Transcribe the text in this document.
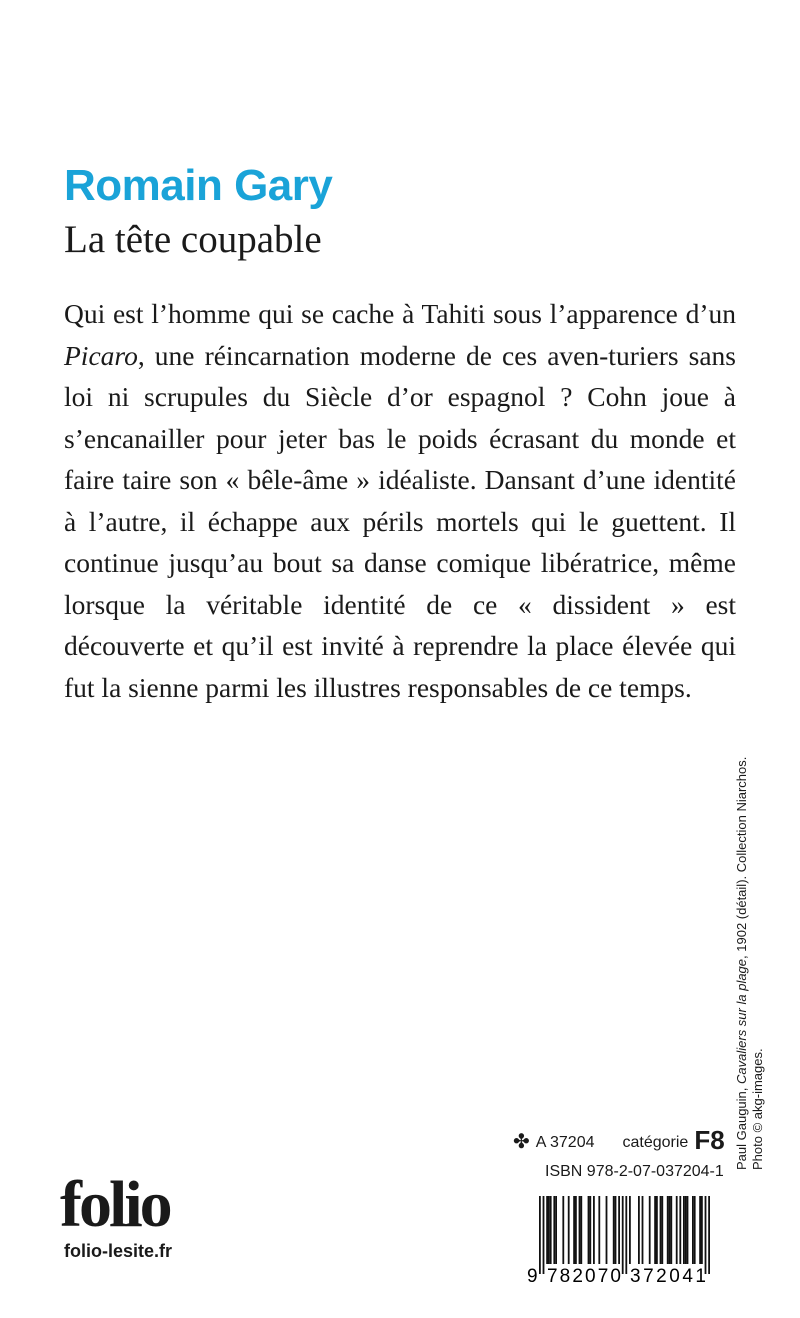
Romain Gary
La tête coupable

Qui est l’homme qui se cache à Tahiti sous l’apparence d’un Picaro, une réincarnation moderne de ces aven-turiers sans loi ni scrupules du Siècle d’or espagnol ? Cohn joue à s’encanailler pour jeter bas le poids écrasant du monde et faire taire son « bêle-âme » idéaliste. Dansant d’une identité à l’autre, il échappe aux périls mortels qui le guettent. Il continue jusqu’au bout sa danse comique libératrice, même lorsque la véritable identité de ce « dissident » est découverte et qu’il est invité à reprendre la place élevée qui fut la sienne parmi les illustres responsables de ce temps.

Paul Gauguin, Cavaliers sur la plage, 1902 (détail). Collection Niarchos.
Photo © akg-images.
folio
folio-lesite.fr
✤ A 37204 catégorie F8
ISBN 978-2-07-037204-1
9 782070 372041
